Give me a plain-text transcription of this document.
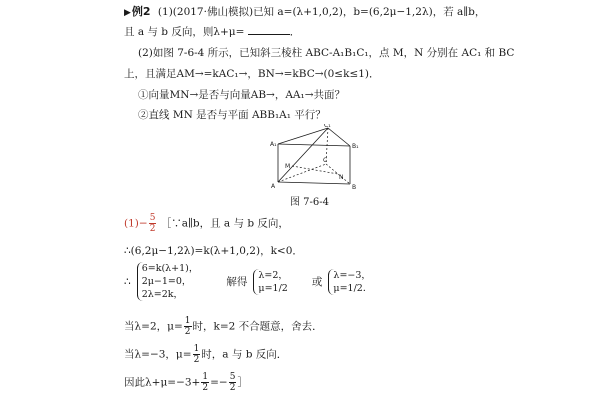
▶例2 (1)(2017·佛山模拟)已知 a=(λ+1,0,2)，b=(6,2μ−1,2λ)，若 a∥b，
且 a 与 b 反向，则λ+μ=	．
(2)如图 7-6-4 所示，已知斜三棱柱 ABC-A₁B₁C₁，点 M，N 分别在 AC₁ 和 BC
上，且满足AM→=kAC₁→，BN→=kBC→(0≤k≤1)．
①向量MN→是否与向量AB→，AA₁→共面？
②直线 MN 是否与平面 ABB₁A₁ 平行？
C₁
A₁	B₁
C
M
N
A	B
图 7-6-4
$(1)- \frac{5}{2}$ ［∵a∥b，且 a 与 b 反向，
∴(6,2μ−1,2λ)=k(λ+1,0,2)，k<0．
∴
6=k(λ+1)，
2μ−1=0，
2λ=2k，
解得
λ=2，
μ=1/2 或
λ=−3，
μ=1/2．
当λ=2，$\mu= \frac{1}{2}$ 时，k=2 不合题意，舍去．
当λ=−3，$\mu= \frac{1}{2}$ 时，a 与 b 反向．
因此$\lambda+\mu=-3+ \frac{1}{2} =- \frac{5}{2}$ ］
